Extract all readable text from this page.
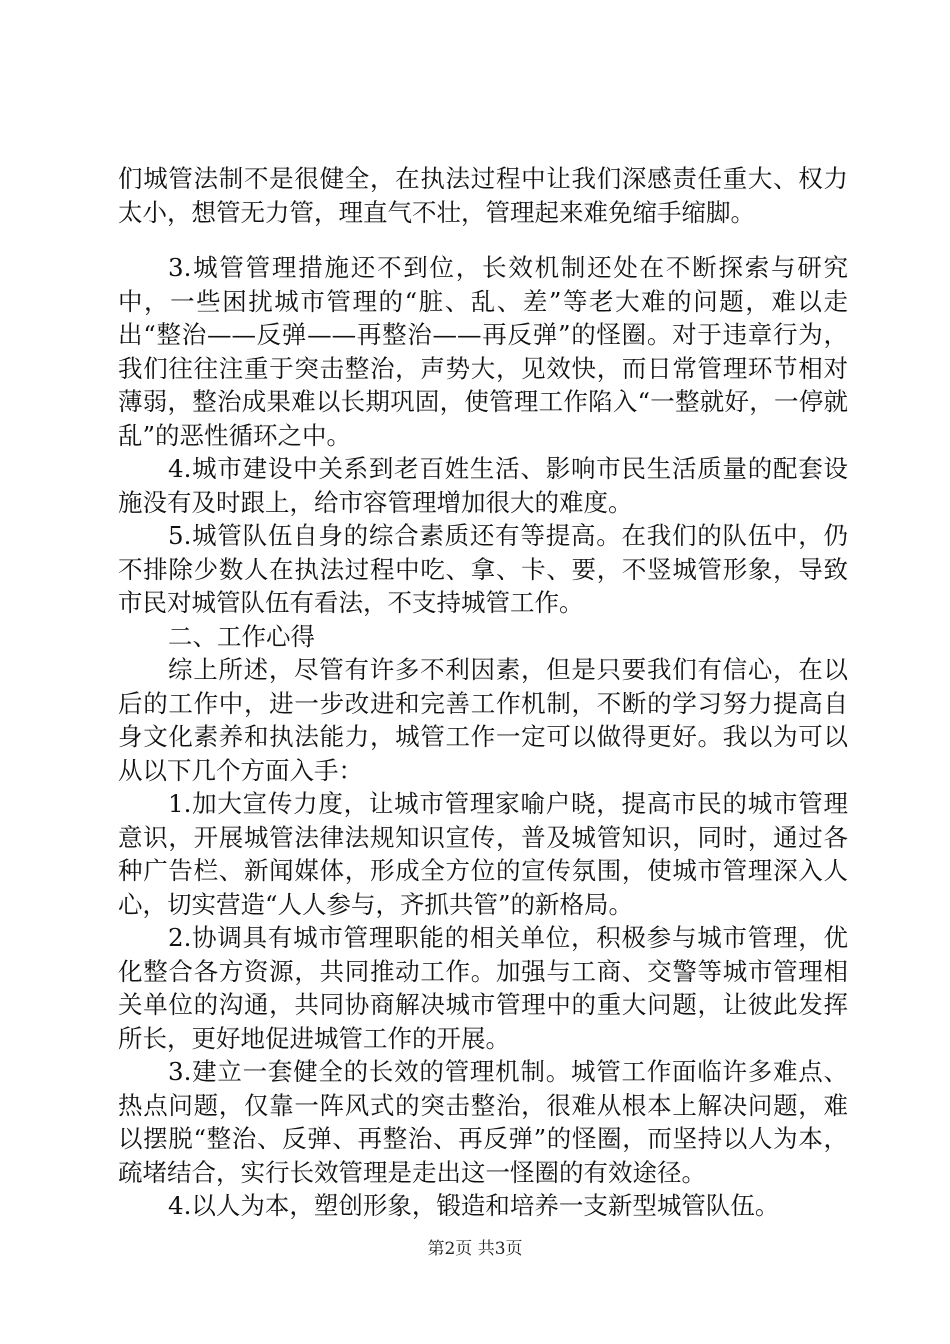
们城管法制不是很健全，在执法过程中让我们深感责任重大、权力太小，想管无力管，理直气不壮，管理起来难免缩手缩脚。

3.城管管理措施还不到位，长效机制还处在不断探索与研究中，一些困扰城市管理的“脏、乱、差”等老大难的问题，难以走出“整治——反弹——再整治——再反弹”的怪圈。对于违章行为，我们往往注重于突击整治，声势大，见效快，而日常管理环节相对薄弱，整治成果难以长期巩固，使管理工作陷入“一整就好，一停就乱”的恶性循环之中。

4.城市建设中关系到老百姓生活、影响市民生活质量的配套设施没有及时跟上，给市容管理增加很大的难度。

5.城管队伍自身的综合素质还有等提高。在我们的队伍中，仍不排除少数人在执法过程中吃、拿、卡、要，不竖城管形象，导致市民对城管队伍有看法，不支持城管工作。

二、工作心得

综上所述，尽管有许多不利因素，但是只要我们有信心，在以后的工作中，进一步改进和完善工作机制，不断的学习努力提高自身文化素养和执法能力，城管工作一定可以做得更好。我以为可以从以下几个方面入手：

1.加大宣传力度，让城市管理家喻户晓，提高市民的城市管理意识，开展城管法律法规知识宣传，普及城管知识，同时，通过各种广告栏、新闻媒体，形成全方位的宣传氛围，使城市管理深入人心，切实营造“人人参与，齐抓共管”的新格局。

2.协调具有城市管理职能的相关单位，积极参与城市管理，优化整合各方资源，共同推动工作。加强与工商、交警等城市管理相关单位的沟通，共同协商解决城市管理中的重大问题，让彼此发挥所长，更好地促进城管工作的开展。

3.建立一套健全的长效的管理机制。城管工作面临许多难点、热点问题，仅靠一阵风式的突击整治，很难从根本上解决问题，难以摆脱“整治、反弹、再整治、再反弹”的怪圈，而坚持以人为本，疏堵结合，实行长效管理是走出这一怪圈的有效途径。

4.以人为本，塑创形象，锻造和培养一支新型城管队伍。

第2页 共3页
